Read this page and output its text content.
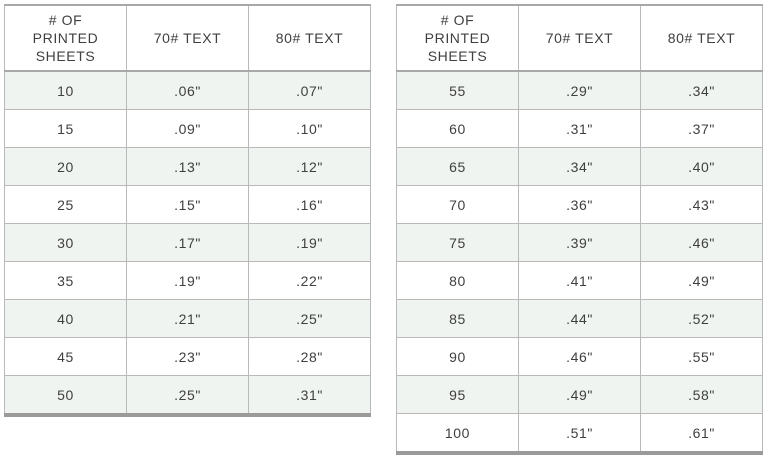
# OF PRINTED SHEETS	70# TEXT	80# TEXT
10	.06"	.07"
15	.09"	.10"
20	.13"	.12"
25	.15"	.16"
30	.17"	.19"
35	.19"	.22"
40	.21"	.25"
45	.23"	.28"
50	.25"	.31"
# OF PRINTED SHEETS	70# TEXT	80# TEXT
55	.29"	.34"
60	.31"	.37"
65	.34"	.40"
70	.36"	.43"
75	.39"	.46"
80	.41"	.49"
85	.44"	.52"
90	.46"	.55"
95	.49"	.58"
100	.51"	.61"
